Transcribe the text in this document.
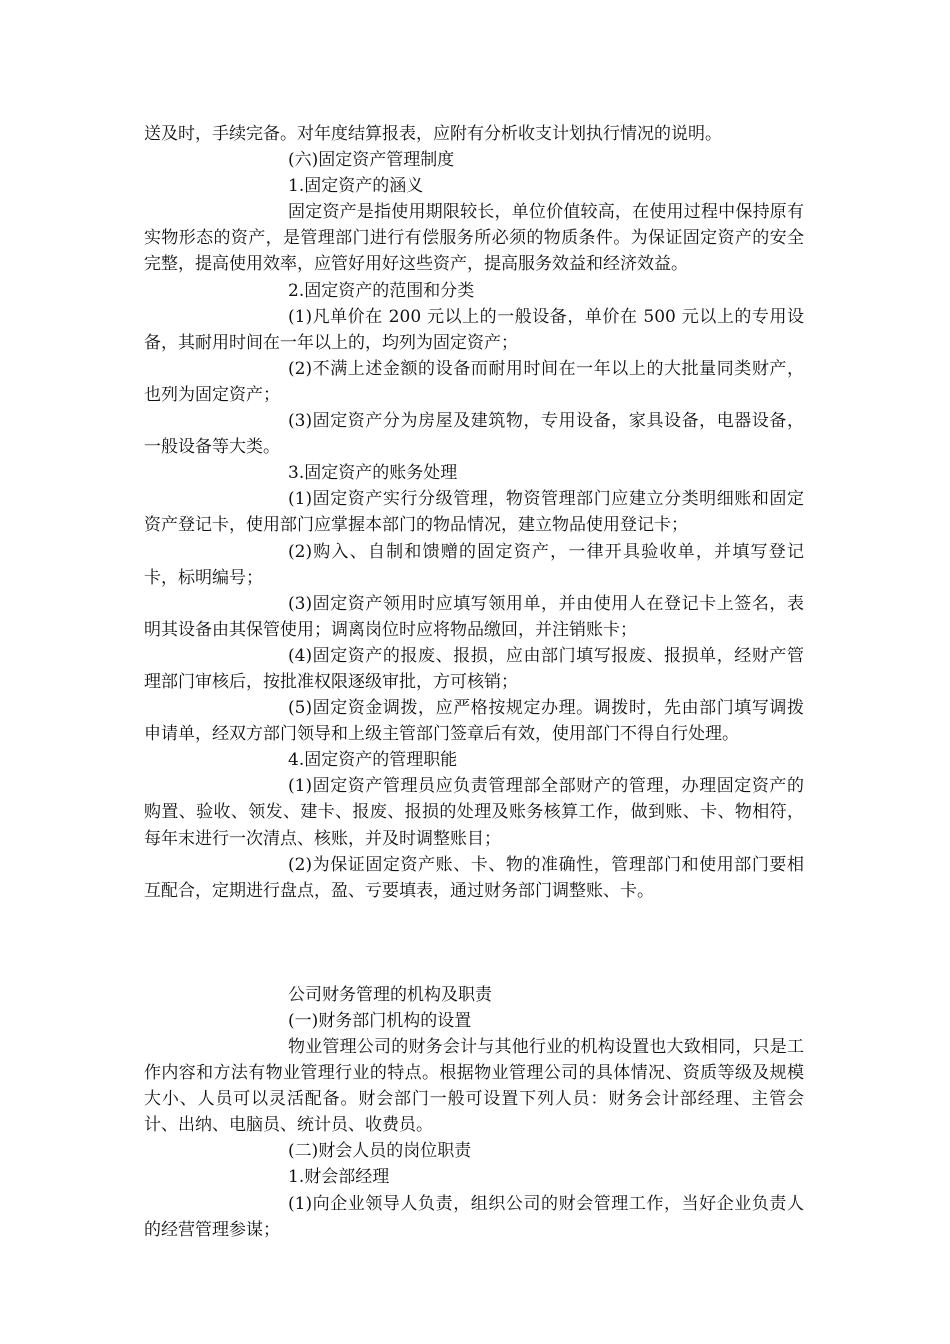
送及时，手续完备。对年度结算报表，应附有分析收支计划执行情况的说明。

(六)固定资产管理制度

1.固定资产的涵义

固定资产是指使用期限较长，单位价值较高，在使用过程中保持原有实物形态的资产，是管理部门进行有偿服务所必须的物质条件。为保证固定资产的安全完整，提高使用效率，应管好用好这些资产，提高服务效益和经济效益。

2.固定资产的范围和分类

(1)凡单价在 200 元以上的一般设备，单价在 500 元以上的专用设备，其耐用时间在一年以上的，均列为固定资产；

(2)不满上述金额的设备而耐用时间在一年以上的大批量同类财产，也列为固定资产；

(3)固定资产分为房屋及建筑物，专用设备，家具设备，电器设备，一般设备等大类。

3.固定资产的账务处理

(1)固定资产实行分级管理，物资管理部门应建立分类明细账和固定资产登记卡，使用部门应掌握本部门的物品情况，建立物品使用登记卡；

(2)购入、自制和馈赠的固定资产，一律开具验收单，并填写登记卡，标明编号；

(3)固定资产领用时应填写领用单，并由使用人在登记卡上签名，表明其设备由其保管使用；调离岗位时应将物品缴回，并注销账卡；

(4)固定资产的报废、报损，应由部门填写报废、报损单，经财产管理部门审核后，按批准权限逐级审批，方可核销；

(5)固定资金调拨，应严格按规定办理。调拨时，先由部门填写调拨申请单，经双方部门领导和上级主管部门签章后有效，使用部门不得自行处理。

4.固定资产的管理职能

(1)固定资产管理员应负责管理部全部财产的管理，办理固定资产的购置、验收、领发、建卡、报废、报损的处理及账务核算工作，做到账、卡、物相符，每年末进行一次清点、核账，并及时调整账目；

(2)为保证固定资产账、卡、物的准确性，管理部门和使用部门要相互配合，定期进行盘点，盈、亏要填表，通过财务部门调整账、卡。

公司财务管理的机构及职责

(一)财务部门机构的设置

物业管理公司的财务会计与其他行业的机构设置也大致相同，只是工作内容和方法有物业管理行业的特点。根据物业管理公司的具体情况、资质等级及规模大小、人员可以灵活配备。财会部门一般可设置下列人员：财务会计部经理、主管会计、出纳、电脑员、统计员、收费员。

(二)财会人员的岗位职责

1.财会部经理

(1)向企业领导人负责，组织公司的财会管理工作，当好企业负责人的经营管理参谋；
